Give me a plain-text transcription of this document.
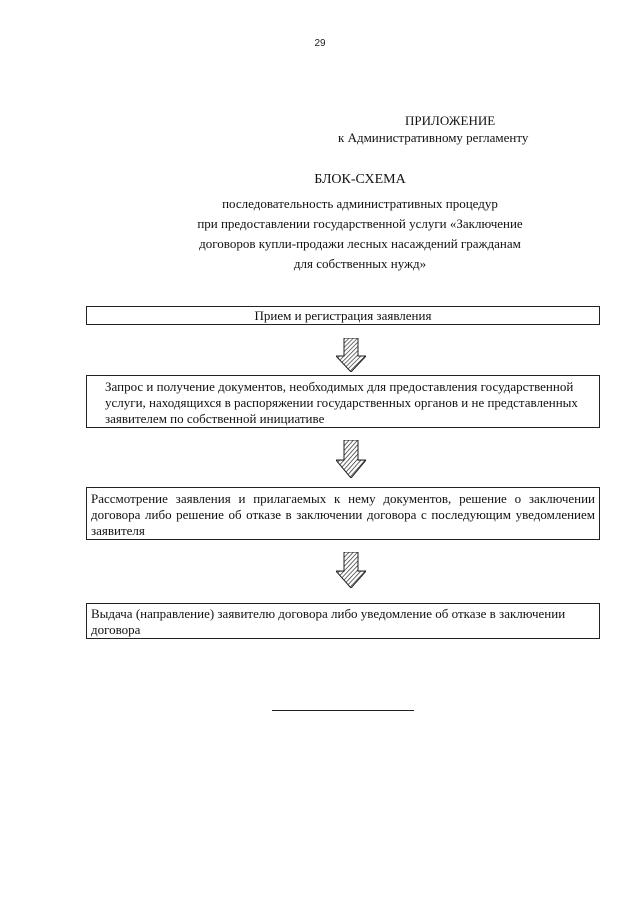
29
ПРИЛОЖЕНИЕ
к Административному регламенту
БЛОК-СХЕМА
последовательность административных процедур
при предоставлении государственной услуги «Заключение
договоров купли-продажи лесных насаждений гражданам
для собственных нужд»
Прием и регистрация заявления
Запрос и получение документов, необходимых для предоставления государственной услуги, находящихся в распоряжении государственных органов и не представленных заявителем по собственной инициативе
Рассмотрение заявления и прилагаемых к нему документов, решение о заключении договора либо решение об отказе в заключении договора с последующим уведомлением заявителя
Выдача (направление) заявителю договора либо уведомление об отказе в заключении договора
